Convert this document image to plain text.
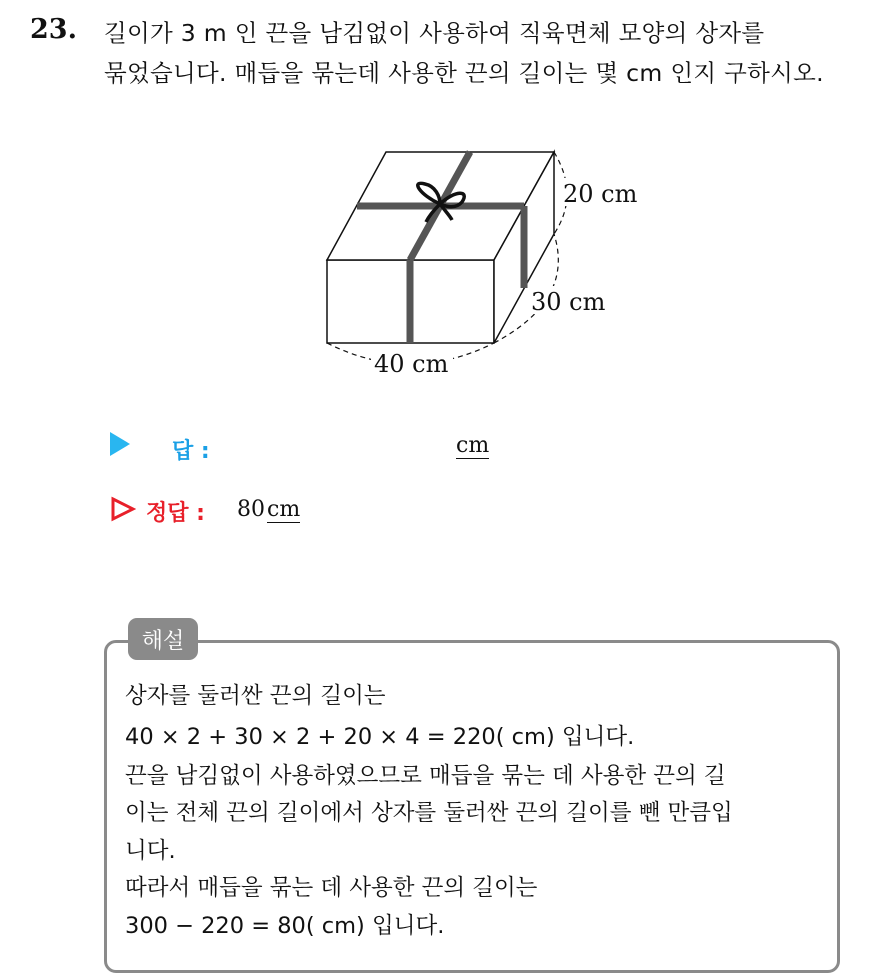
23. 길이가 3 m 인 끈을 남김없이 사용하여 직육면체 모양의 상자를
묶었습니다. 매듭을 묶는데 사용한 끈의 길이는 몇 cm 인지 구하시오.
20 cm
30 cm
40 cm
답 :	cm
정답 : 80cm
해설
상자를 둘러싼 끈의 길이는
40 × 2 + 30 × 2 + 20 × 4 = 220( cm) 입니다.
끈을 남김없이 사용하였으므로 매듭을 묶는 데 사용한 끈의 길
이는 전체 끈의 길이에서 상자를 둘러싼 끈의 길이를 뺀 만큼입
니다.
따라서 매듭을 묶는 데 사용한 끈의 길이는
300 − 220 = 80( cm) 입니다.
